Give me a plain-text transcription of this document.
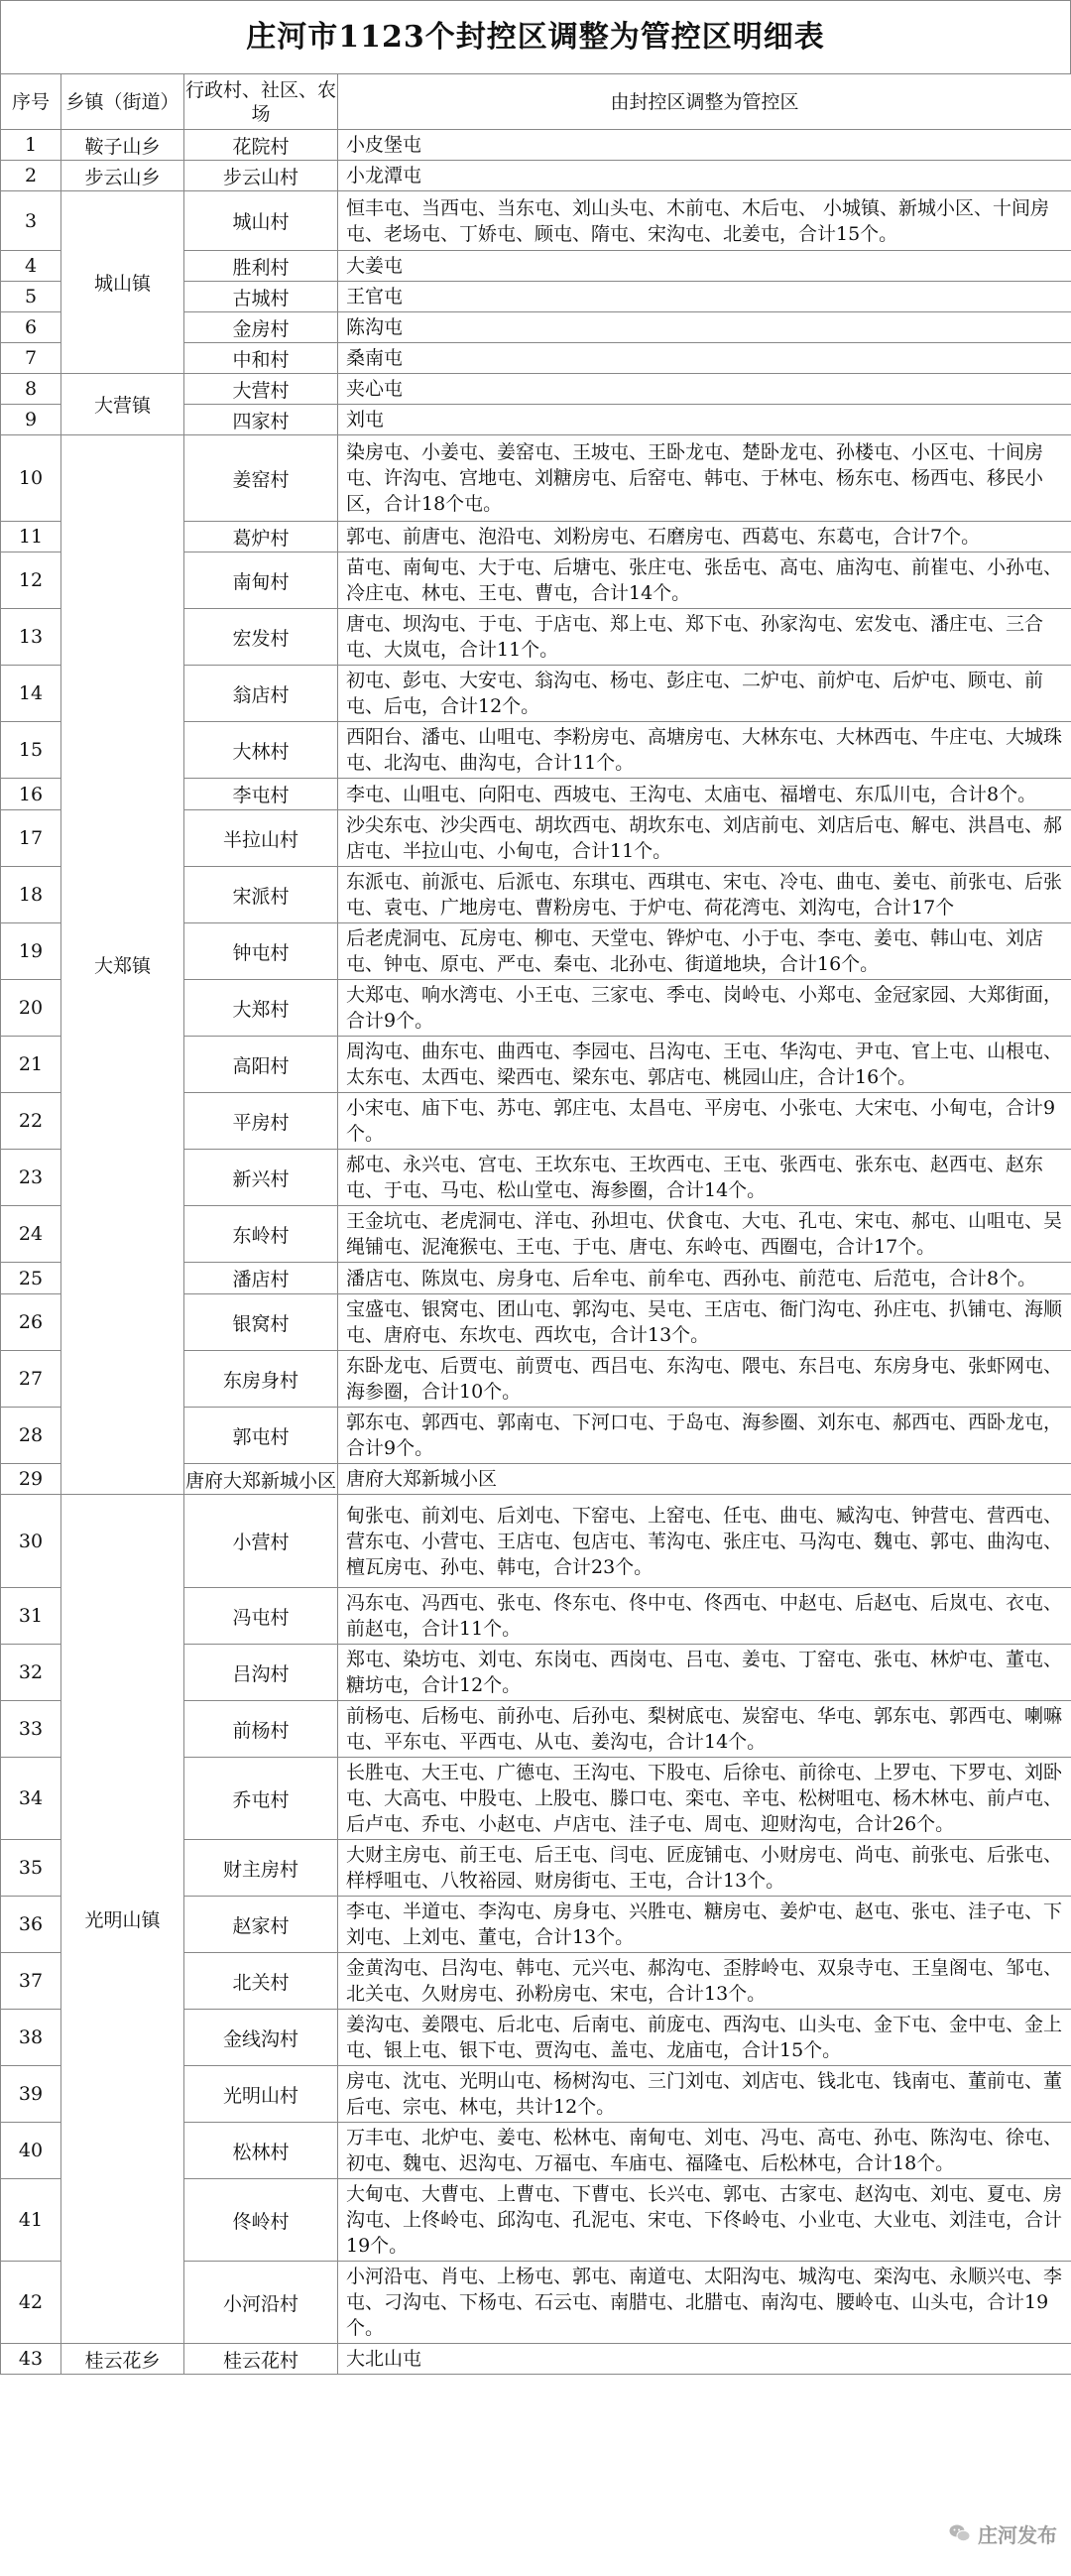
庄河市1123个封控区调整为管控区明细表
序号	乡镇（街道）	行政村、社区、农场	由封控区调整为管控区
1	鞍子山乡	花院村	小皮堡屯
2	步云山乡	步云山村	小龙潭屯
3	城山镇	城山村	恒丰屯、当西屯、当东屯、刘山头屯、木前屯、木后屯、 小城镇、新城小区、十间房屯、老场屯、丁娇屯、顾屯、隋屯、宋沟屯、北姜屯，合计15个。
4		胜利村	大姜屯
5		古城村	王官屯
6		金房村	陈沟屯
7		中和村	桑南屯
8	大营镇	大营村	夹心屯
9		四家村	刘屯
10	大郑镇	姜窑村	染房屯、小姜屯、姜窑屯、王坡屯、王卧龙屯、楚卧龙屯、孙楼屯、小区屯、十间房屯、许沟屯、宫地屯、刘糖房屯、后窑屯、韩屯、于林屯、杨东屯、杨西屯、移民小区，合计18个屯。
11		葛炉村	郭屯、前唐屯、泡沿屯、刘粉房屯、石磨房屯、西葛屯、东葛屯，合计7个。
12		南甸村	苗屯、南甸屯、大于屯、后塘屯、张庄屯、张岳屯、高屯、庙沟屯、前崔屯、小孙屯、冷庄屯、林屯、王屯、曹屯，合计14个。
13		宏发村	唐屯、坝沟屯、于屯、于店屯、郑上屯、郑下屯、孙家沟屯、宏发屯、潘庄屯、三合屯、大岚屯，合计11个。
14		翁店村	初屯、彭屯、大安屯、翁沟屯、杨屯、彭庄屯、二炉屯、前炉屯、后炉屯、顾屯、前屯、后屯，合计12个。
15		大林村	西阳台、潘屯、山咀屯、李粉房屯、高塘房屯、大林东屯、大林西屯、牛庄屯、大城珠屯、北沟屯、曲沟屯，合计11个。
16		李屯村	李屯、山咀屯、向阳屯、西坡屯、王沟屯、太庙屯、福增屯、东瓜川屯，合计8个。
17		半拉山村	沙尖东屯、沙尖西屯、胡坎西屯、胡坎东屯、刘店前屯、刘店后屯、解屯、洪昌屯、郝店屯、半拉山屯、小甸屯，合计11个。
18		宋派村	东派屯、前派屯、后派屯、东琪屯、西琪屯、宋屯、冷屯、曲屯、姜屯、前张屯、后张屯、袁屯、广地房屯、曹粉房屯、于炉屯、荷花湾屯、刘沟屯，合计17个
19		钟屯村	后老虎洞屯、瓦房屯、柳屯、天堂屯、铧炉屯、小于屯、李屯、姜屯、韩山屯、刘店屯、钟屯、原屯、严屯、秦屯、北孙屯、街道地块，合计16个。
20		大郑村	大郑屯、响水湾屯、小王屯、三家屯、季屯、岗岭屯、小郑屯、金冠家园、大郑街面，合计9个。
21		高阳村	周沟屯、曲东屯、曲西屯、李园屯、吕沟屯、王屯、华沟屯、尹屯、官上屯、山根屯、太东屯、太西屯、梁西屯、梁东屯、郭店屯、桃园山庄，合计16个。
22		平房村	小宋屯、庙下屯、苏屯、郭庄屯、太昌屯、平房屯、小张屯、大宋屯、小甸屯，合计9个。
23		新兴村	郝屯、永兴屯、宫屯、王坎东屯、王坎西屯、王屯、张西屯、张东屯、赵西屯、赵东屯、于屯、马屯、松山堂屯、海参圈，合计14个。
24		东岭村	王金坑屯、老虎洞屯、洋屯、孙坦屯、伏食屯、大屯、孔屯、宋屯、郝屯、山咀屯、吴绳铺屯、泥淹猴屯、王屯、于屯、唐屯、东岭屯、西圈屯，合计17个。
25		潘店村	潘店屯、陈岚屯、房身屯、后牟屯、前牟屯、西孙屯、前范屯、后范屯，合计8个。
26		银窝村	宝盛屯、银窝屯、团山屯、郭沟屯、吴屯、王店屯、衙门沟屯、孙庄屯、扒铺屯、海顺屯、唐府屯、东坎屯、西坎屯，合计13个。
27		东房身村	东卧龙屯、后贾屯、前贾屯、西吕屯、东沟屯、隈屯、东吕屯、东房身屯、张虾网屯、海参圈，合计10个。
28		郭屯村	郭东屯、郭西屯、郭南屯、下河口屯、于岛屯、海参圈、刘东屯、郝西屯、西卧龙屯，合计9个。
29		唐府大郑新城小区	唐府大郑新城小区
30	光明山镇	小营村	甸张屯、前刘屯、后刘屯、下窑屯、上窑屯、任屯、曲屯、臧沟屯、钟营屯、营西屯、营东屯、小营屯、王店屯、包店屯、苇沟屯、张庄屯、马沟屯、魏屯、郭屯、曲沟屯、檀瓦房屯、孙屯、韩屯，合计23个。
31		冯屯村	冯东屯、冯西屯、张屯、佟东屯、佟中屯、佟西屯、中赵屯、后赵屯、后岚屯、衣屯、前赵屯，合计11个。
32		吕沟村	郑屯、染坊屯、刘屯、东岗屯、西岗屯、吕屯、姜屯、丁窑屯、张屯、林炉屯、董屯、糖坊屯，合计12个。
33		前杨村	前杨屯、后杨屯、前孙屯、后孙屯、梨树底屯、炭窑屯、华屯、郭东屯、郭西屯、喇嘛屯、平东屯、平西屯、从屯、姜沟屯，合计14个。
34		乔屯村	长胜屯、大王屯、广德屯、王沟屯、下股屯、后徐屯、前徐屯、上罗屯、下罗屯、刘卧屯、大高屯、中股屯、上股屯、滕口屯、栾屯、辛屯、松树咀屯、杨木林屯、前卢屯、后卢屯、乔屯、小赵屯、卢店屯、洼子屯、周屯、迎财沟屯，合计26个。
35		财主房村	大财主房屯、前王屯、后王屯、闫屯、匠庞铺屯、小财房屯、尚屯、前张屯、后张屯、样桴咀屯、八牧裕园、财房街屯、王屯，合计13个。
36		赵家村	李屯、半道屯、李沟屯、房身屯、兴胜屯、糖房屯、姜炉屯、赵屯、张屯、洼子屯、下刘屯、上刘屯、董屯，合计13个。
37		北关村	金黄沟屯、吕沟屯、韩屯、元兴屯、郝沟屯、歪脖岭屯、双泉寺屯、王皇阁屯、邹屯、北关屯、久财房屯、孙粉房屯、宋屯，合计13个。
38		金线沟村	姜沟屯、姜隈屯、后北屯、后南屯、前庞屯、西沟屯、山头屯、金下屯、金中屯、金上屯、银上屯、银下屯、贾沟屯、盖屯、龙庙屯，合计15个。
39		光明山村	房屯、沈屯、光明山屯、杨树沟屯、三门刘屯、刘店屯、钱北屯、钱南屯、董前屯、董后屯、宗屯、林屯，共计12个。
40		松林村	万丰屯、北炉屯、姜屯、松林屯、南甸屯、刘屯、冯屯、高屯、孙屯、陈沟屯、徐屯、初屯、魏屯、迟沟屯、万福屯、车庙屯、福隆屯、后松林屯，合计18个。
41		佟岭村	大甸屯、大曹屯、上曹屯、下曹屯、长兴屯、郭屯、古家屯、赵沟屯、刘屯、夏屯、房沟屯、上佟岭屯、邱沟屯、孔泥屯、宋屯、下佟岭屯、小业屯、大业屯、刘洼屯，合计19个。
42		小河沿村	小河沿屯、肖屯、上杨屯、郭屯、南道屯、太阳沟屯、城沟屯、栾沟屯、永顺兴屯、李屯、刁沟屯、下杨屯、石云屯、南腊屯、北腊屯、南沟屯、腰岭屯、山头屯，合计19个。
43	桂云花乡	桂云花村	大北山屯
庄河发布
